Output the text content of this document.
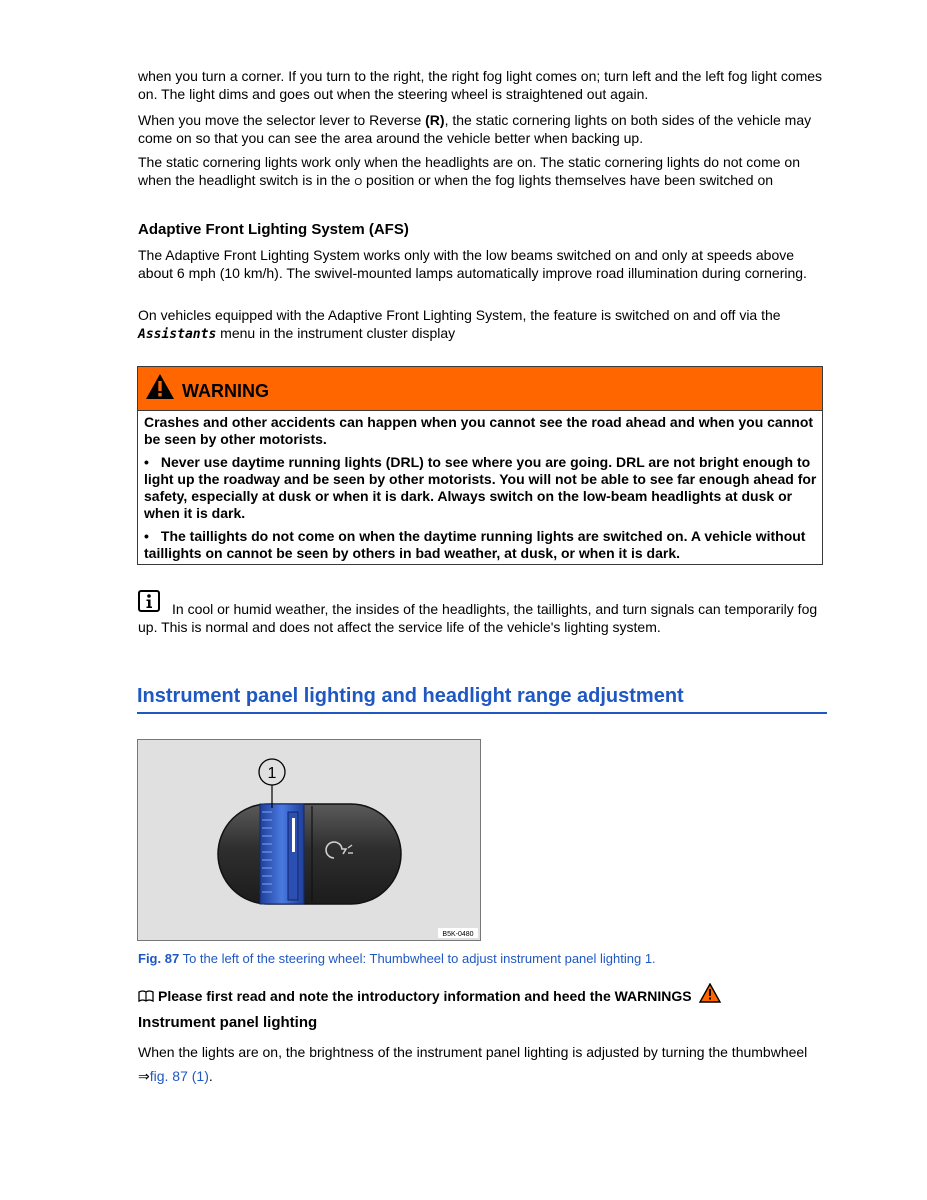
when you turn a corner. If you turn to the right, the right fog light comes on; turn left and the left fog light comes on. The light dims and goes out when the steering wheel is straightened out again.

When you move the selector lever to Reverse (R), the static cornering lights on both sides of the vehicle may come on so that you can see the area around the vehicle better when backing up.

The static cornering lights work only when the headlights are on. The static cornering lights do not come on when the headlight switch is in the O position or when the fog lights themselves have been switched on

Adaptive Front Lighting System (AFS)

The Adaptive Front Lighting System works only with the low beams switched on and only at speeds above about 6 mph (10 km/h). The swivel-mounted lamps automatically improve road illumination during cornering.

On vehicles equipped with the Adaptive Front Lighting System, the feature is switched on and off via the Assistants menu in the instrument cluster display

WARNING

Crashes and other accidents can happen when you cannot see the road ahead and when you cannot be seen by other motorists.

• Never use daytime running lights (DRL) to see where you are going. DRL are not bright enough to light up the roadway and be seen by other motorists. You will not be able to see far enough ahead for safety, especially at dusk or when it is dark. Always switch on the low-beam headlights at dusk or when it is dark.

• The taillights do not come on when the daytime running lights are switched on. A vehicle without taillights on cannot be seen by others in bad weather, at dusk, or when it is dark.

In cool or humid weather, the insides of the headlights, the taillights, and turn signals can temporarily fog up. This is normal and does not affect the service life of the vehicle's lighting system.

Instrument panel lighting and headlight range adjustment
1
B5K-0480
Fig. 87 To the left of the steering wheel: Thumbwheel to adjust instrument panel lighting 1.
Please first read and note the introductory information and heed the WARNINGS
Instrument panel lighting

When the lights are on, the brightness of the instrument panel lighting is adjusted by turning the thumbwheel ⇒fig. 87 (1).
